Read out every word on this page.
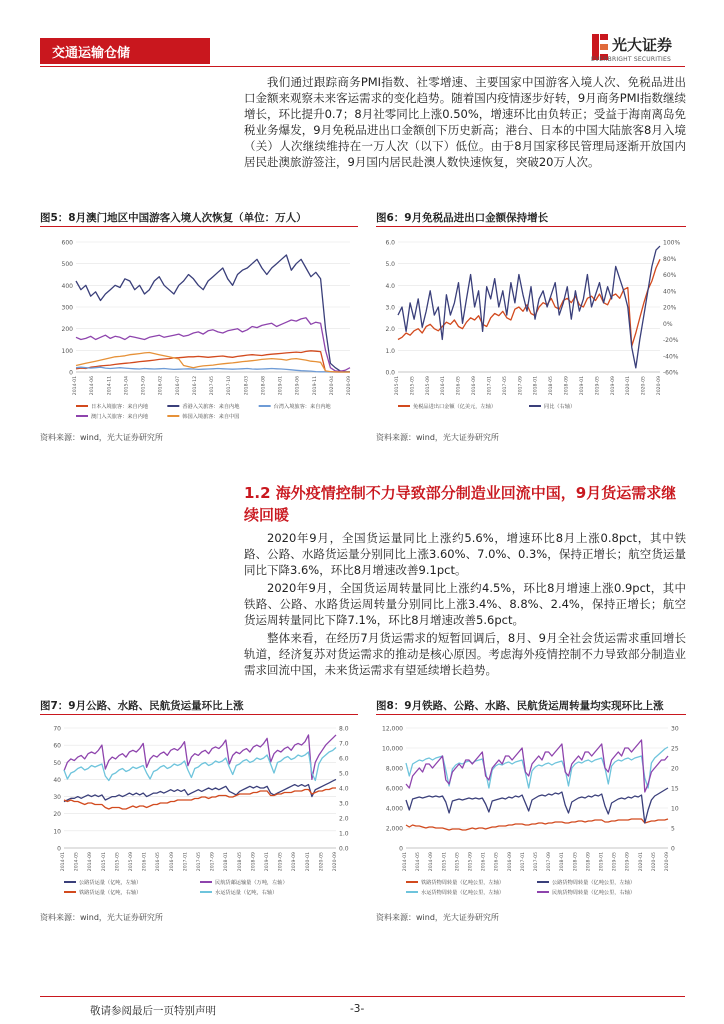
交通运输仓储	光大证券
EVERBRIGHT SECURITIES

我们通过跟踪商务PMI指数、社零增速、主要国家中国游客入境人次、免税品进出口金额来观察未来客运需求的变化趋势。随着国内疫情逐步好转，9月商务PMI指数继续增长，环比提升0.7；8月社零同比上涨0.50%，增速环比由负转正；受益于海南离岛免税业务爆发，9月免税品进出口金额创下历史新高；港台、日本的中国大陆旅客8月入境（关）人次继续维持在一万人次（以下）低位。由于8月国家移民管理局逐渐开放国内居民赴澳旅游签注，9月国内居民赴澳人数快速恢复，突破20万人次。

图5：8月澳门地区中国游客入境人次恢复（单位：万人）
600
500
400
300
200
100
0
2014-01	2014-06	2014-11	2015-04	2015-09	2016-02	2016-07	2016-12	2017-05	2017-10	2018-03	2018-08	2019-01	2019-06	2019-11	2020-04	2020-09
日本入境旅客：来自内地	香港入关旅客：来自内地	台湾入境旅客：来自内地
澳门入关旅客：来自内地	韩国入境旅客：来自中国
资料来源：wind，光大证券研究所
图6：9月免税品进出口金额保持增长
6.0
5.0
4.0
3.0
2.0
1.0
0.0
100%
80%
60%
40%
20%
0%
-20%
-40%
-60%
2015-01 2015-05 2015-09 2016-01 2016-05 2016-09 2017-01 2017-05 2017-09 2018-01 2018-05 2018-09 2019-01 2019-05 2019-09 2020-01 2020-05 2020-09
免税品进出口金额（亿美元，左轴）	同比（右轴）
资料来源：wind，光大证券研究所
1.2 海外疫情控制不力导致部分制造业回流中国，9月货运需求继续回暖

2020年9月，全国货运量同比上涨约5.6%，增速环比8月上涨0.8pct，其中铁路、公路、水路货运量分别同比上涨3.60%、7.0%、0.3%，保持正增长；航空货运量同比下降3.6%，环比8月增速改善9.1pct。

2020年9月，全国货运周转量同比上涨约4.5%，环比8月增速上涨0.9pct，其中铁路、公路、水路货运周转量分别同比上涨3.4%、8.8%、2.4%，保持正增长；航空货运周转量同比下降7.1%，环比8月增速改善5.6pct。

整体来看，在经历7月货运需求的短暂回调后，8月、9月全社会货运需求重回增长轨道，经济复苏对货运需求的推动是核心原因。考虑海外疫情控制不力导致部分制造业需求回流中国，未来货运需求有望延续增长趋势。

图7：9月公路、水路、民航货运量环比上涨
70
60
50
40
30
20
10
0
8.0
7.0
6.0
5.0
4.0
3.0
2.0
1.0
0.0
2014-01 2014-05 2014-09 2015-01 2015-05 2015-09 2016-01 2016-05 2016-09 2017-01 2017-05 2017-09 2018-01 2018-05 2018-09 2019-01 2019-05 2019-09 2020-01 2020-05 2020-09
公路货运量（亿吨，左轴）	民航货邮运输量（万吨，左轴）
铁路货运量（亿吨，右轴）	水运货运量（亿吨，右轴）
资料来源：wind，光大证券研究所
图8：9月铁路、公路、水路、民航货运周转量均实现环比上涨
12,000
10,000
8,000
6,000
4,000
2,000
0
30
25
20
15
10
5
0
2014-01 2014-05 2014-09 2015-01 2015-05 2015-09 2016-01 2016-05 2016-09 2017-01 2017-05 2017-09 2018-01 2018-05 2018-09 2019-01 2019-05 2019-09 2020-01 2020-05 2020-09
铁路货物周转量（亿吨公里，左轴）	公路货物周转量（亿吨公里，左轴）
水运货物周转量（亿吨公里，左轴）	民航货物周转量（亿吨公里，右轴）
资料来源：wind，光大证券研究所
敬请参阅最后一页特别声明	-3-
